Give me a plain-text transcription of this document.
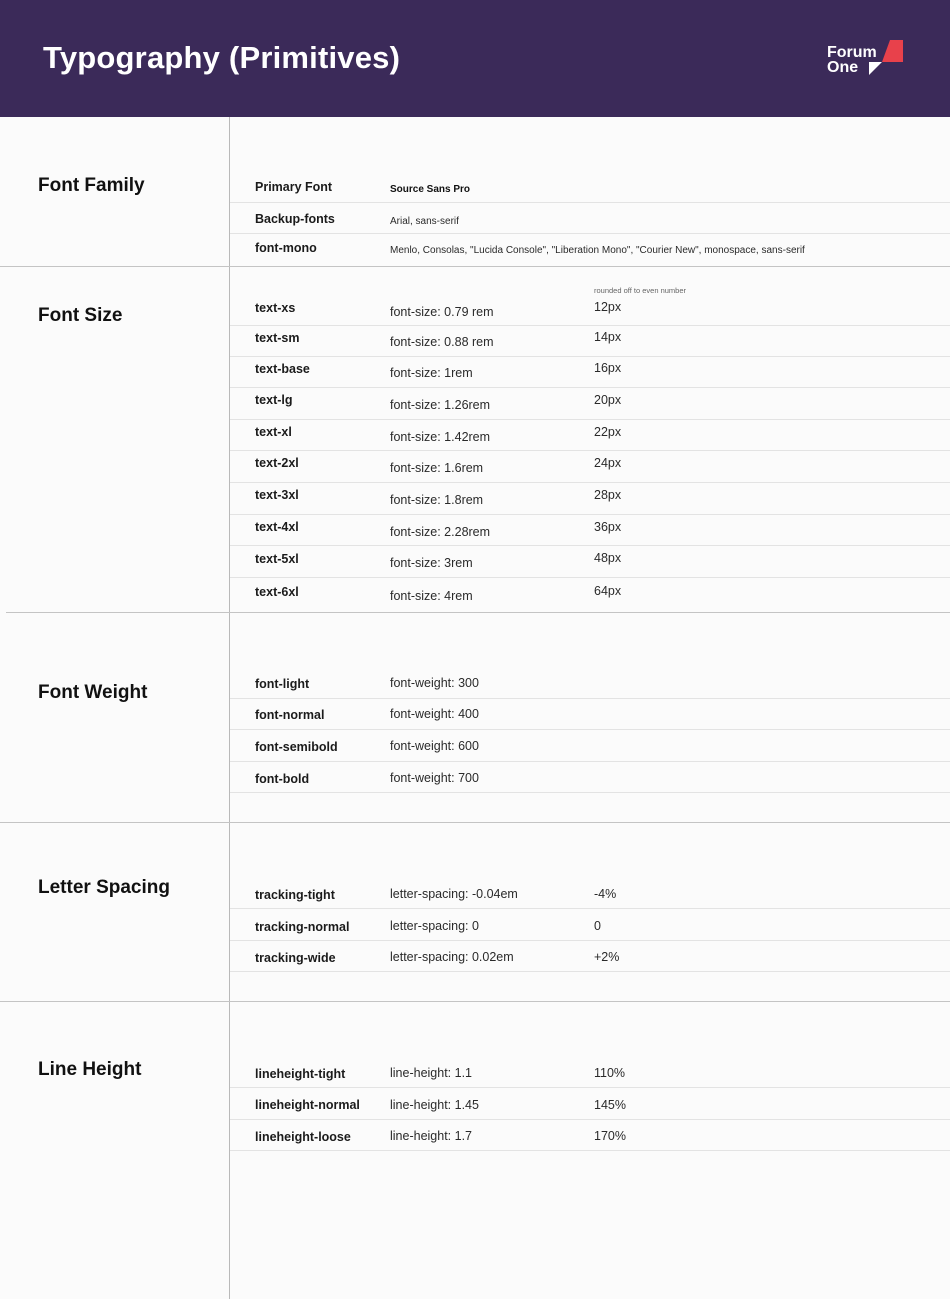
Typography (Primitives)	Forum
One
Font Family	Primary Font	Source Sans Pro
Backup-fonts	Arial, sans-serif
font-mono	Menlo, Consolas, "Lucida Console", "Liberation Mono", "Courier New", monospace, sans-serif
Font Size
rounded off to even number
text-xs	font-size: 0.79 rem	12px
text-sm	font-size: 0.88 rem	14px
text-base	font-size: 1rem	16px
text-lg	font-size: 1.26rem	20px
text-xl	font-size: 1.42rem	22px
text-2xl	font-size: 1.6rem	24px
text-3xl	font-size: 1.8rem	28px
text-4xl	font-size: 2.28rem	36px
text-5xl	font-size: 3rem	48px
text-6xl	font-size: 4rem	64px
Font Weight	font-light	font-weight: 300
font-normal	font-weight: 400
font-semibold	font-weight: 600
font-bold	font-weight: 700
Letter Spacing	tracking-tight	letter-spacing: -0.04em	-4%
tracking-normal	letter-spacing: 0	0
tracking-wide	letter-spacing: 0.02em	+2%
Line Height	lineheight-tight	line-height: 1.1	110%
lineheight-normal line-height: 1.45	145%
lineheight-loose	line-height: 1.7	170%
